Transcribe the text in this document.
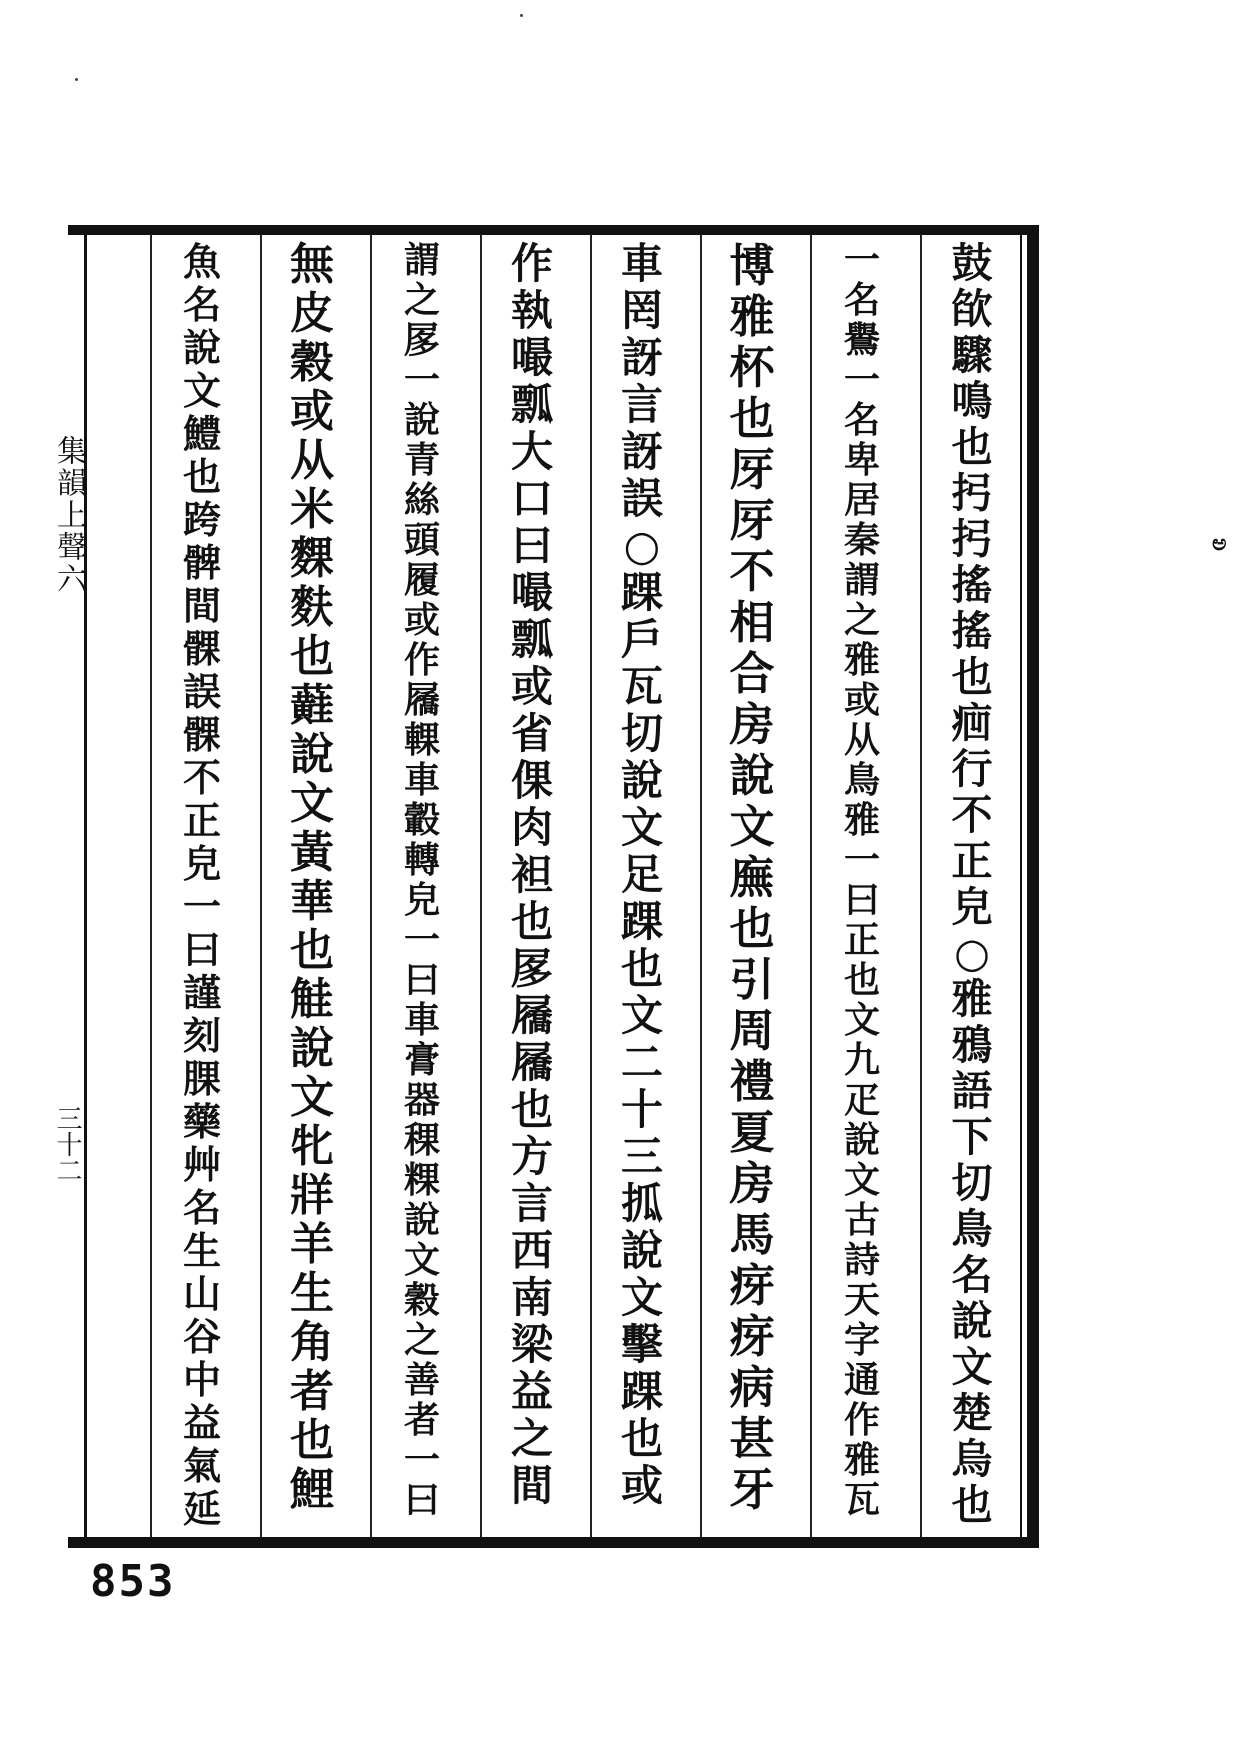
鼓
欿
驟
鳴
也
㧈
㧈
搖
搖
也
㾎
行
不
正
皃
○
雅
鴉
語
下
切
鳥
名
說
文
楚
烏
也
一
名
鸒
一
名
卑
居
秦
謂
之
雅
或
从
鳥
雅
一
曰
正
也
文
九
疋
說
文
古
詩
天
字
通
作
雅
瓦
博
雅
杯
也
厊
厊
不
相
合
房
說
文
廡
也
引
周
禮
夏
房
馬
疨
疨
病
甚
牙
車
罔
訝
言
訝
誤
○
踝
戶
瓦
切
說
文
足
踝
也
文
二
十
三
㧓
說
文
擊
踝
也
或
作
執
嘬
瓢
大
口
曰
嘬
瓢
或
省
倮
肉
袒
也
㞔
屩
屩
也
方
言
西
南
梁
益
之
間
謂
之
㞔
一
說
青
絲
頭
履
或
作
屩
輠
車
轂
轉
皃
一
曰
車
膏
器
稞
粿
說
文
穀
之
善
者
一
曰
無
皮
穀
或
从
米
䴹
麩
也
蘳
說
文
黃
華
也
觟
說
文
牝
牂
羊
生
角
者
也
鯉
魚
名
說
文
鱧
也
跨
髀
間
髁
誤
髁
不
正
皃
一
曰
謹
刻
腂
藥
艸
名
生
山
谷
中
益
氣
延
集韻上聲六
三十二
853
ಅ
